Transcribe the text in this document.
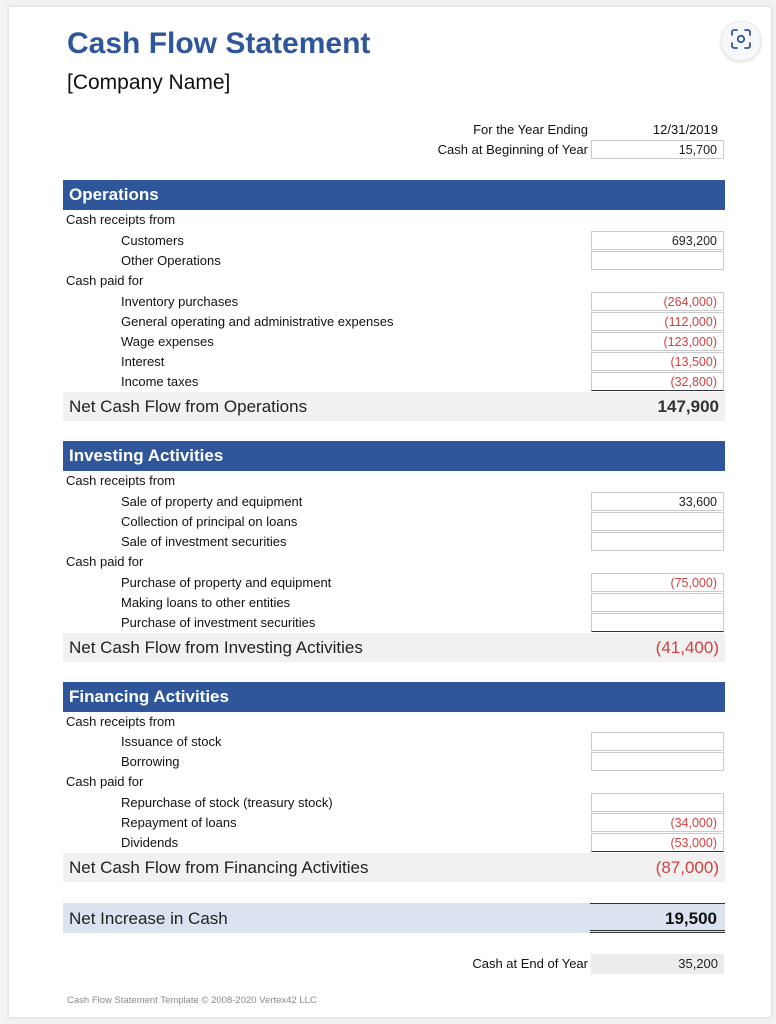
Cash Flow Statement
[Company Name]
For the Year Ending	12/31/2019
Cash at Beginning of Year	15,700
Operations
Cash receipts from
Customers	693,200
Other Operations
Cash paid for
Inventory purchases	(264,000)
General operating and administrative expenses	(112,000)
Wage expenses	(123,000)
Interest	(13,500)
Income taxes	(32,800)
Net Cash Flow from Operations	147,900
Investing Activities
Cash receipts from
Sale of property and equipment	33,600
Collection of principal on loans
Sale of investment securities
Cash paid for
Purchase of property and equipment	(75,000)
Making loans to other entities
Purchase of investment securities
Net Cash Flow from Investing Activities	(41,400)
Financing Activities
Cash receipts from
Issuance of stock
Borrowing
Cash paid for
Repurchase of stock (treasury stock)
Repayment of loans	(34,000)
Dividends	(53,000)
Net Cash Flow from Financing Activities	(87,000)
Net Increase in Cash	19,500
Cash at End of Year	35,200
Cash Flow Statement Template © 2008-2020 Vertex42 LLC
